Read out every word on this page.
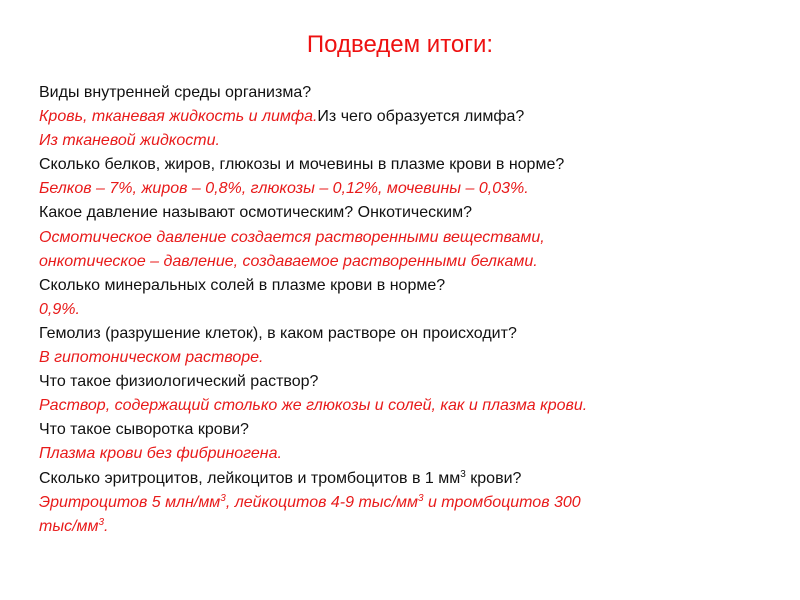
Подведем итоги:
Виды внутренней среды организма?
Кровь, тканевая жидкость и лимфа.Из чего образуется лимфа?
Из тканевой жидкости.
Сколько белков, жиров, глюкозы и мочевины в плазме крови в норме?
Белков – 7%, жиров – 0,8%, глюкозы – 0,12%, мочевины – 0,03%.
Какое давление называют осмотическим? Онкотическим?
Осмотическое давление создается растворенными веществами,
онкотическое – давление, создаваемое растворенными белками.
Сколько минеральных солей в плазме крови в норме?
0,9%.
Гемолиз (разрушение клеток), в каком растворе он происходит?
В гипотоническом растворе.
Что такое физиологический раствор?
Раствор, содержащий столько же глюкозы и солей, как и плазма крови.
Что такое сыворотка крови?
Плазма крови без фибриногена.
Сколько эритроцитов, лейкоцитов и тромбоцитов в 1 $мм^3$ крови?
Эритроцитов 5 млн/$мм^3$, лейкоцитов 4-9 тыс/$мм^3$ и тромбоцитов 300
тыс/$мм^3$.
